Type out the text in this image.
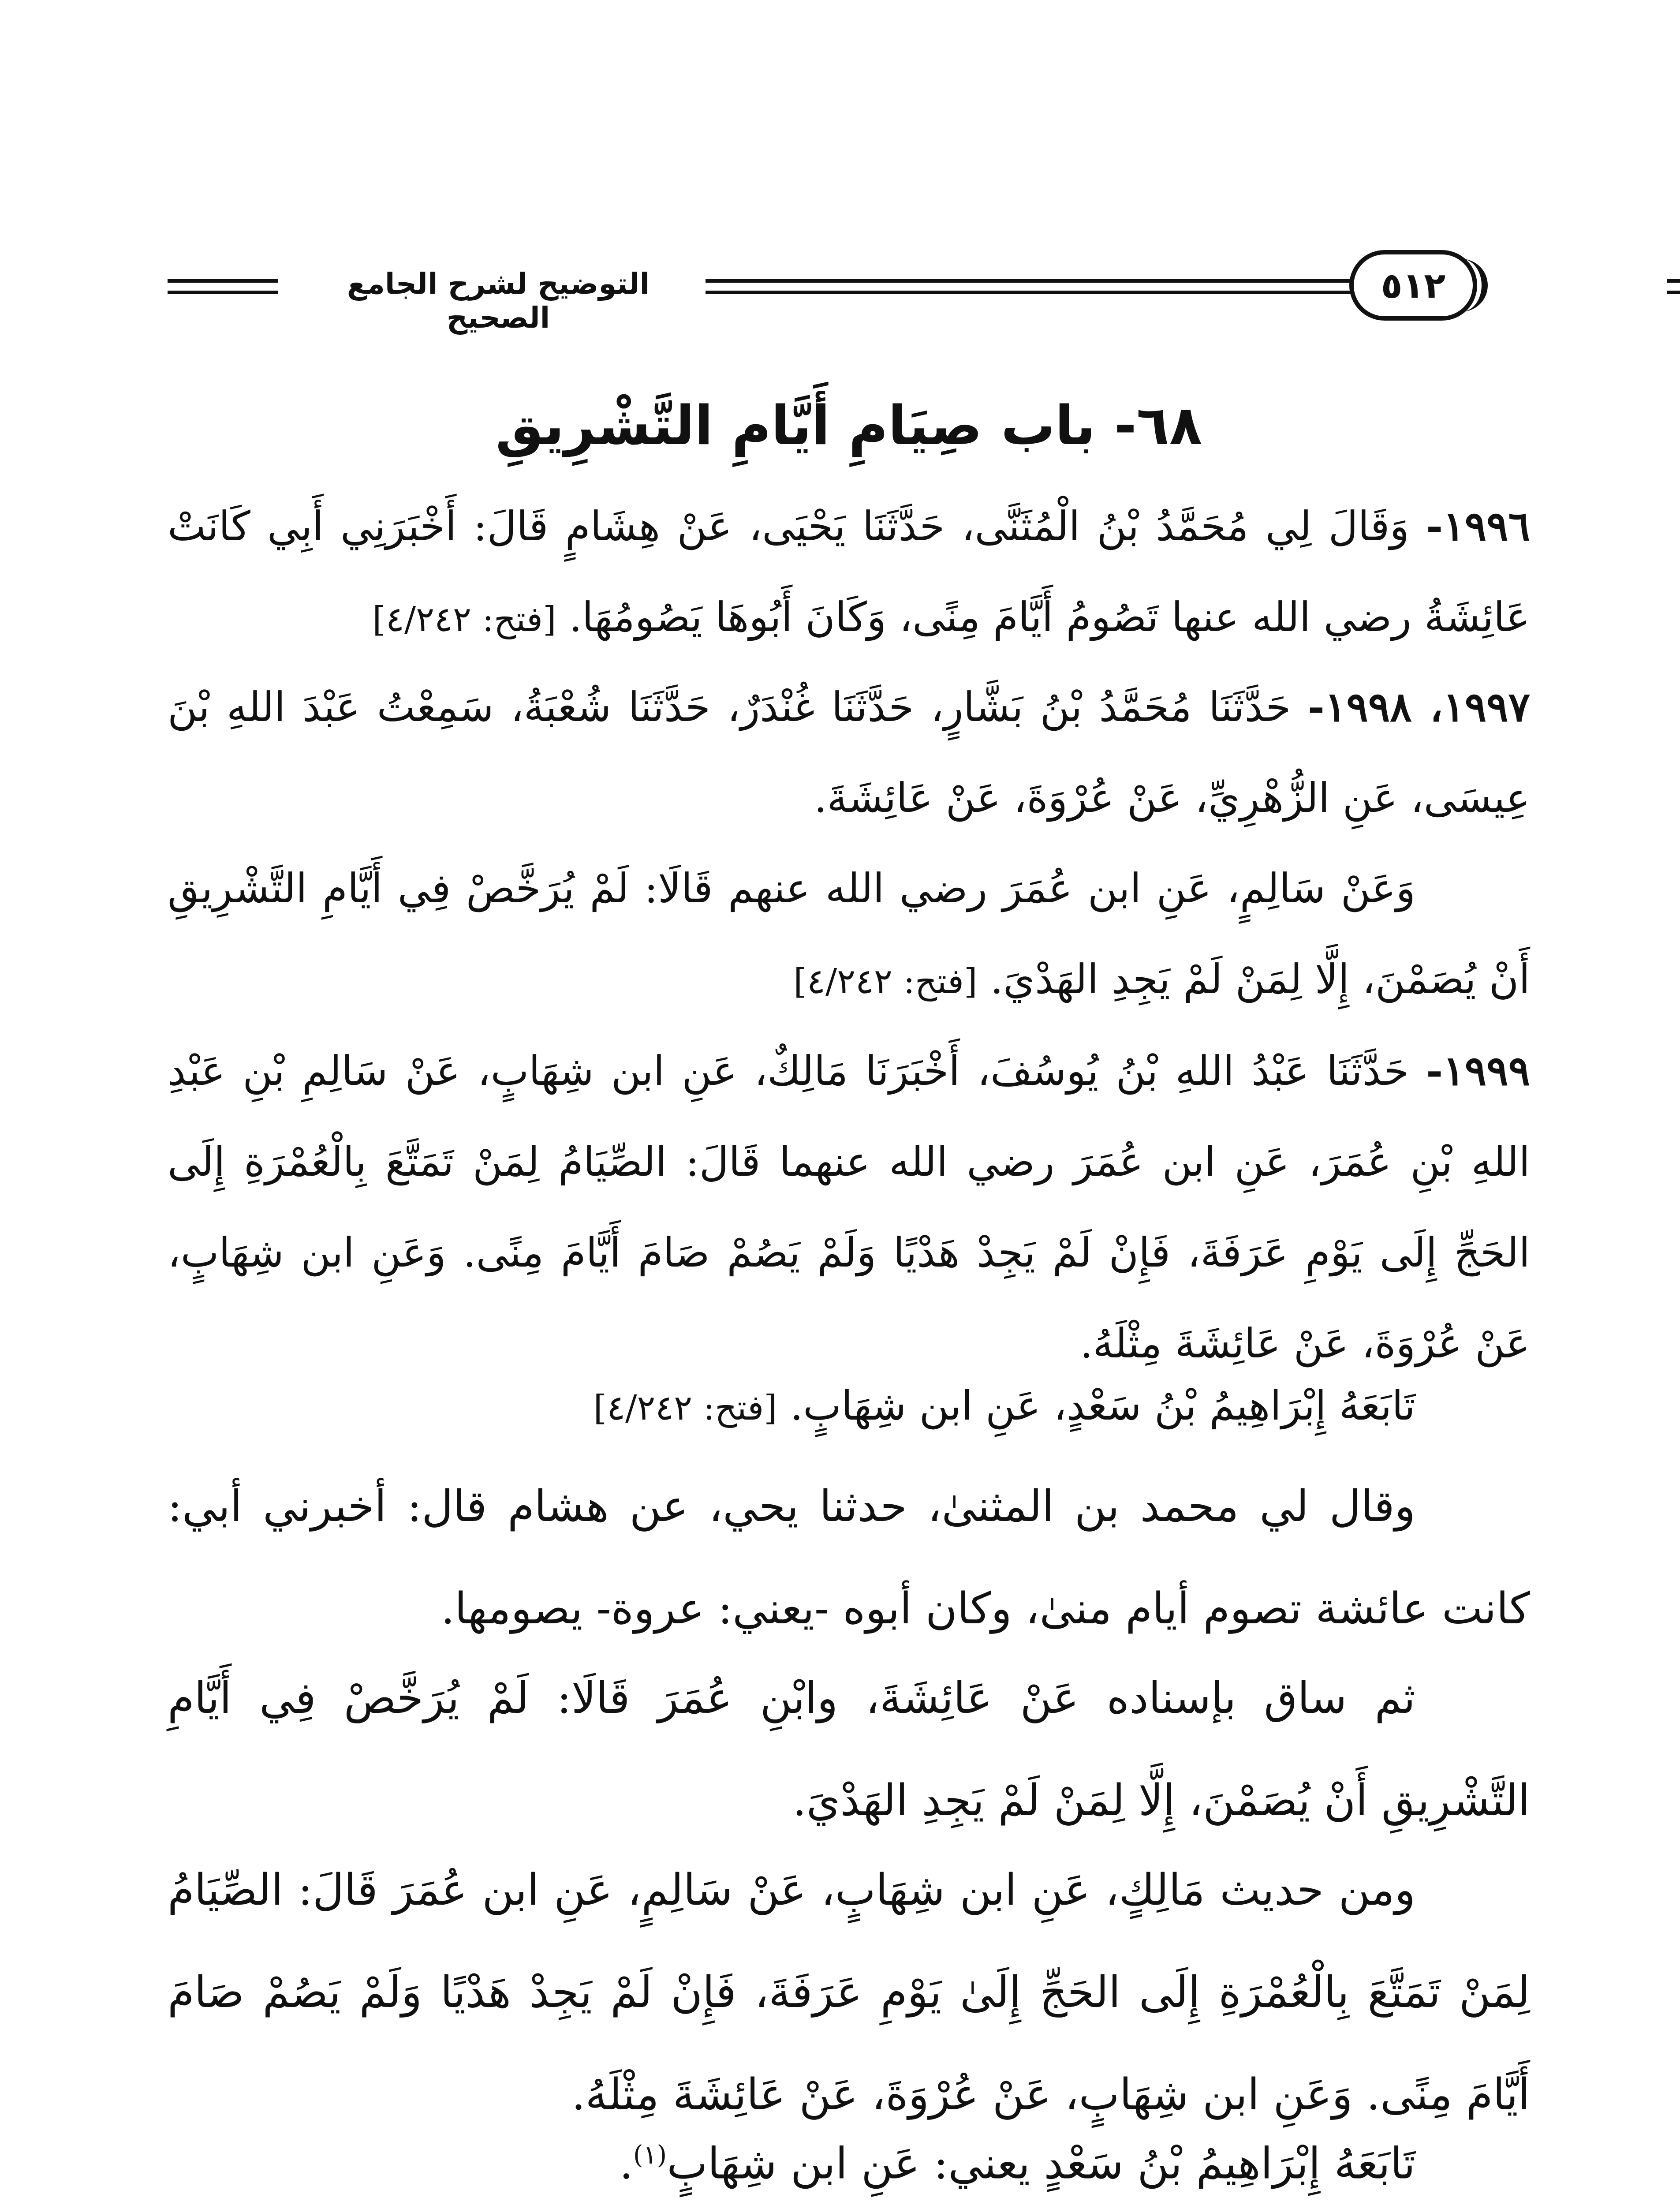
التوضيح لشرح الجامع الصحيح
٥١٢
٦٨- باب صِيَامِ أَيَّامِ التَّشْرِيقِ
١٩٩٦- وَقَالَ لِي مُحَمَّدُ بْنُ الْمُثَنَّى، حَدَّثَنَا يَحْيَى، عَنْ هِشَامٍ قَالَ: أَخْبَرَنِي أَبِي كَانَتْ عَائِشَةُ رضي الله عنها تَصُومُ أَيَّامَ مِنًى، وَكَانَ أَبُوهَا يَصُومُهَا. [فتح: ٤/٢٤٢]
١٩٩٧، ١٩٩٨- حَدَّثَنَا مُحَمَّدُ بْنُ بَشَّارٍ، حَدَّثَنَا غُنْدَرٌ، حَدَّثَنَا شُعْبَةُ، سَمِعْتُ عَبْدَ اللهِ بْنَ عِيسَى، عَنِ الزُّهْرِيِّ، عَنْ عُرْوَةَ، عَنْ عَائِشَةَ.
وَعَنْ سَالِمٍ، عَنِ ابن عُمَرَ رضي الله عنهم قَالَا: لَمْ يُرَخَّصْ فِي أَيَّامِ التَّشْرِيقِ أَنْ يُصَمْنَ، إِلَّا لِمَنْ لَمْ يَجِدِ الهَدْيَ. [فتح: ٤/٢٤٢]
١٩٩٩- حَدَّثَنَا عَبْدُ اللهِ بْنُ يُوسُفَ، أَخْبَرَنَا مَالِكٌ، عَنِ ابن شِهَابٍ، عَنْ سَالِمِ بْنِ عَبْدِ اللهِ بْنِ عُمَرَ، عَنِ ابن عُمَرَ رضي الله عنهما قَالَ: الصِّيَامُ لِمَنْ تَمَتَّعَ بِالْعُمْرَةِ إِلَى الحَجِّ إِلَى يَوْمِ عَرَفَةَ، فَإِنْ لَمْ يَجِدْ هَدْيًا وَلَمْ يَصُمْ صَامَ أَيَّامَ مِنًى. وَعَنِ ابن شِهَابٍ، عَنْ عُرْوَةَ، عَنْ عَائِشَةَ مِثْلَهُ.
تَابَعَهُ إِبْرَاهِيمُ بْنُ سَعْدٍ، عَنِ ابن شِهَابٍ. [فتح: ٤/٢٤٢]
وقال لي محمد بن المثنىٰ، حدثنا يحي، عن هشام قال: أخبرني أبي: كانت عائشة تصوم أيام منىٰ، وكان أبوه -يعني: عروة- يصومها.
ثم ساق بإسناده عَنْ عَائِشَةَ، وابْنِ عُمَرَ قَالَا: لَمْ يُرَخَّصْ فِي أَيَّامِ التَّشْرِيقِ أَنْ يُصَمْنَ، إِلَّا لِمَنْ لَمْ يَجِدِ الهَدْيَ.
ومن حديث مَالِكٍ، عَنِ ابن شِهَابٍ، عَنْ سَالِمٍ، عَنِ ابن عُمَرَ قَالَ: الصِّيَامُ لِمَنْ تَمَتَّعَ بِالْعُمْرَةِ إِلَى الحَجِّ إِلَىٰ يَوْمِ عَرَفَةَ، فَإِنْ لَمْ يَجِدْ هَدْيًا وَلَمْ يَصُمْ صَامَ أَيَّامَ مِنًى. وَعَنِ ابن شِهَابٍ، عَنْ عُرْوَةَ، عَنْ عَائِشَةَ مِثْلَهُ.
تَابَعَهُ إِبْرَاهِيمُ بْنُ سَعْدٍ يعني: عَنِ ابن شِهَابٍ$^{(١)}$.
